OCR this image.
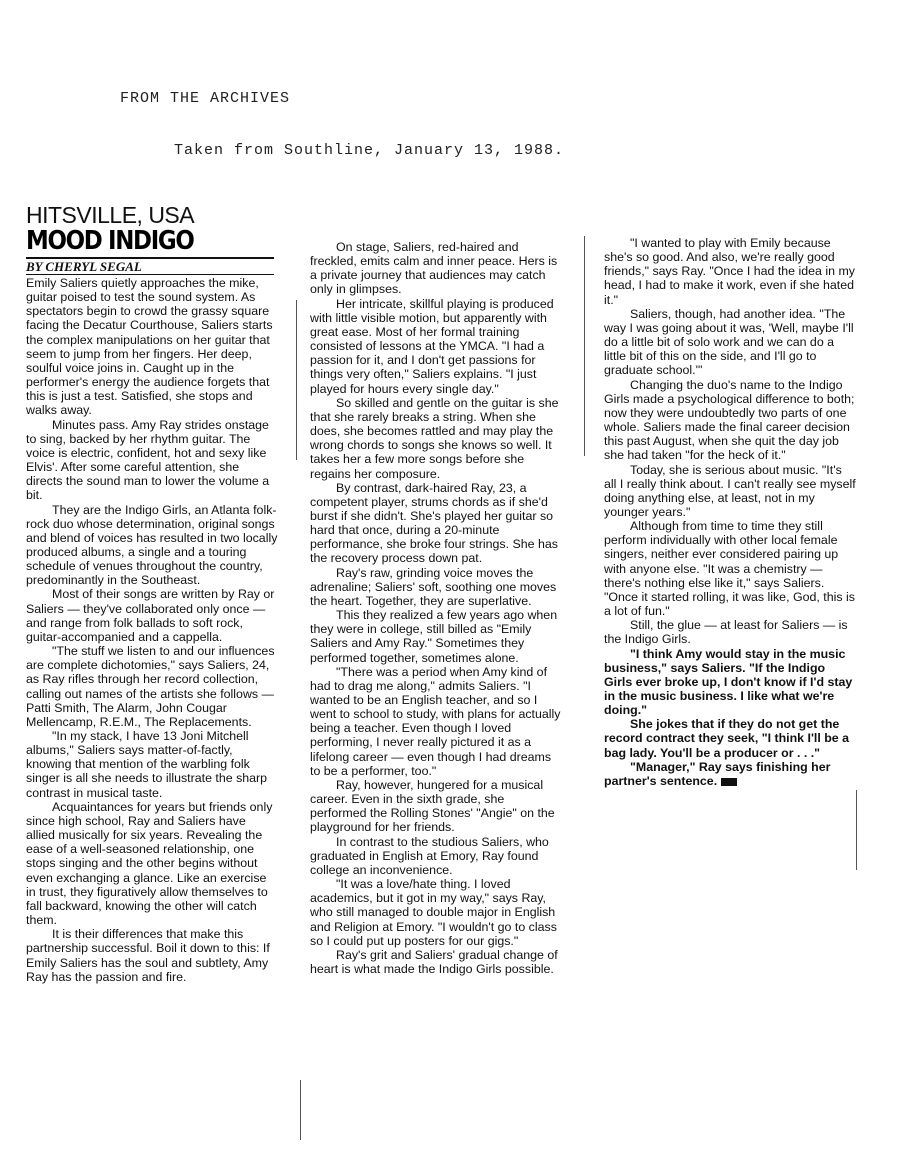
FROM THE ARCHIVES
Taken from Southline, January 13, 1988.
HITSVILLE, USA
MOOD INDIGO
BY CHERYL SEGAL

Emily Saliers quietly approaches the mike, guitar poised to test the sound system. As spectators begin to crowd the grassy square facing the Decatur Courthouse, Saliers starts the complex manipulations on her guitar that seem to jump from her fingers. Her deep, soulful voice joins in. Caught up in the performer's energy the audience forgets that this is just a test. Satisfied, she stops and walks away.

Minutes pass. Amy Ray strides onstage to sing, backed by her rhythm guitar. The voice is electric, confident, hot and sexy like Elvis'. After some careful attention, she directs the sound man to lower the volume a bit.

They are the Indigo Girls, an Atlanta folk-rock duo whose determination, original songs and blend of voices has resulted in two locally produced albums, a single and a touring schedule of venues throughout the country, predominantly in the Southeast.

Most of their songs are written by Ray or Saliers — they've collaborated only once — and range from folk ballads to soft rock, guitar-accompanied and a cappella.

"The stuff we listen to and our influences are complete dichotomies," says Saliers, 24, as Ray rifles through her record collection, calling out names of the artists she follows — Patti Smith, The Alarm, John Cougar Mellencamp, R.E.M., The Replacements.

"In my stack, I have 13 Joni Mitchell albums," Saliers says matter-of-factly, knowing that mention of the warbling folk singer is all she needs to illustrate the sharp contrast in musical taste.

Acquaintances for years but friends only since high school, Ray and Saliers have allied musically for six years. Revealing the ease of a well-seasoned relationship, one stops singing and the other begins without even exchanging a glance. Like an exercise in trust, they figuratively allow themselves to fall backward, knowing the other will catch them.

It is their differences that make this partnership successful. Boil it down to this: If Emily Saliers has the soul and subtlety, Amy Ray has the passion and fire.

On stage, Saliers, red-haired and freckled, emits calm and inner peace. Hers is a private journey that audiences may catch only in glimpses.

Her intricate, skillful playing is produced with little visible motion, but apparently with great ease. Most of her formal training consisted of lessons at the YMCA. "I had a passion for it, and I don't get passions for things very often," Saliers explains. "I just played for hours every single day."

So skilled and gentle on the guitar is she that she rarely breaks a string. When she does, she becomes rattled and may play the wrong chords to songs she knows so well. It takes her a few more songs before she regains her composure.

By contrast, dark-haired Ray, 23, a competent player, strums chords as if she'd burst if she didn't. She's played her guitar so hard that once, during a 20-minute performance, she broke four strings. She has the recovery process down pat.

Ray's raw, grinding voice moves the adrenaline; Saliers' soft, soothing one moves the heart. Together, they are superlative.

This they realized a few years ago when they were in college, still billed as "Emily Saliers and Amy Ray." Sometimes they performed together, sometimes alone.

"There was a period when Amy kind of had to drag me along," admits Saliers. "I wanted to be an English teacher, and so I went to school to study, with plans for actually being a teacher. Even though I loved performing, I never really pictured it as a lifelong career — even though I had dreams to be a performer, too."

Ray, however, hungered for a musical career. Even in the sixth grade, she performed the Rolling Stones' "Angie" on the playground for her friends.

In contrast to the studious Saliers, who graduated in English at Emory, Ray found college an inconvenience.

"It was a love/hate thing. I loved academics, but it got in my way," says Ray, who still managed to double major in English and Religion at Emory. "I wouldn't go to class so I could put up posters for our gigs."

Ray's grit and Saliers' gradual change of heart is what made the Indigo Girls possible.

"I wanted to play with Emily because she's so good. And also, we're really good friends," says Ray. "Once I had the idea in my head, I had to make it work, even if she hated it."

Saliers, though, had another idea. "The way I was going about it was, 'Well, maybe I'll do a little bit of solo work and we can do a little bit of this on the side, and I'll go to graduate school.'"

Changing the duo's name to the Indigo Girls made a psychological difference to both; now they were undoubtedly two parts of one whole. Saliers made the final career decision this past August, when she quit the day job she had taken "for the heck of it."

Today, she is serious about music. "It's all I really think about. I can't really see myself doing anything else, at least, not in my younger years."

Although from time to time they still perform individually with other local female singers, neither ever considered pairing up with anyone else. "It was a chemistry — there's nothing else like it," says Saliers. "Once it started rolling, it was like, God, this is a lot of fun."

Still, the glue — at least for Saliers — is the Indigo Girls.

"I think Amy would stay in the music business," says Saliers. "If the Indigo Girls ever broke up, I don't know if I'd stay in the music business. I like what we're doing."

She jokes that if they do not get the record contract they seek, "I think I'll be a bag lady. You'll be a producer or . . ."

"Manager," Ray says finishing her partner's sentence.
